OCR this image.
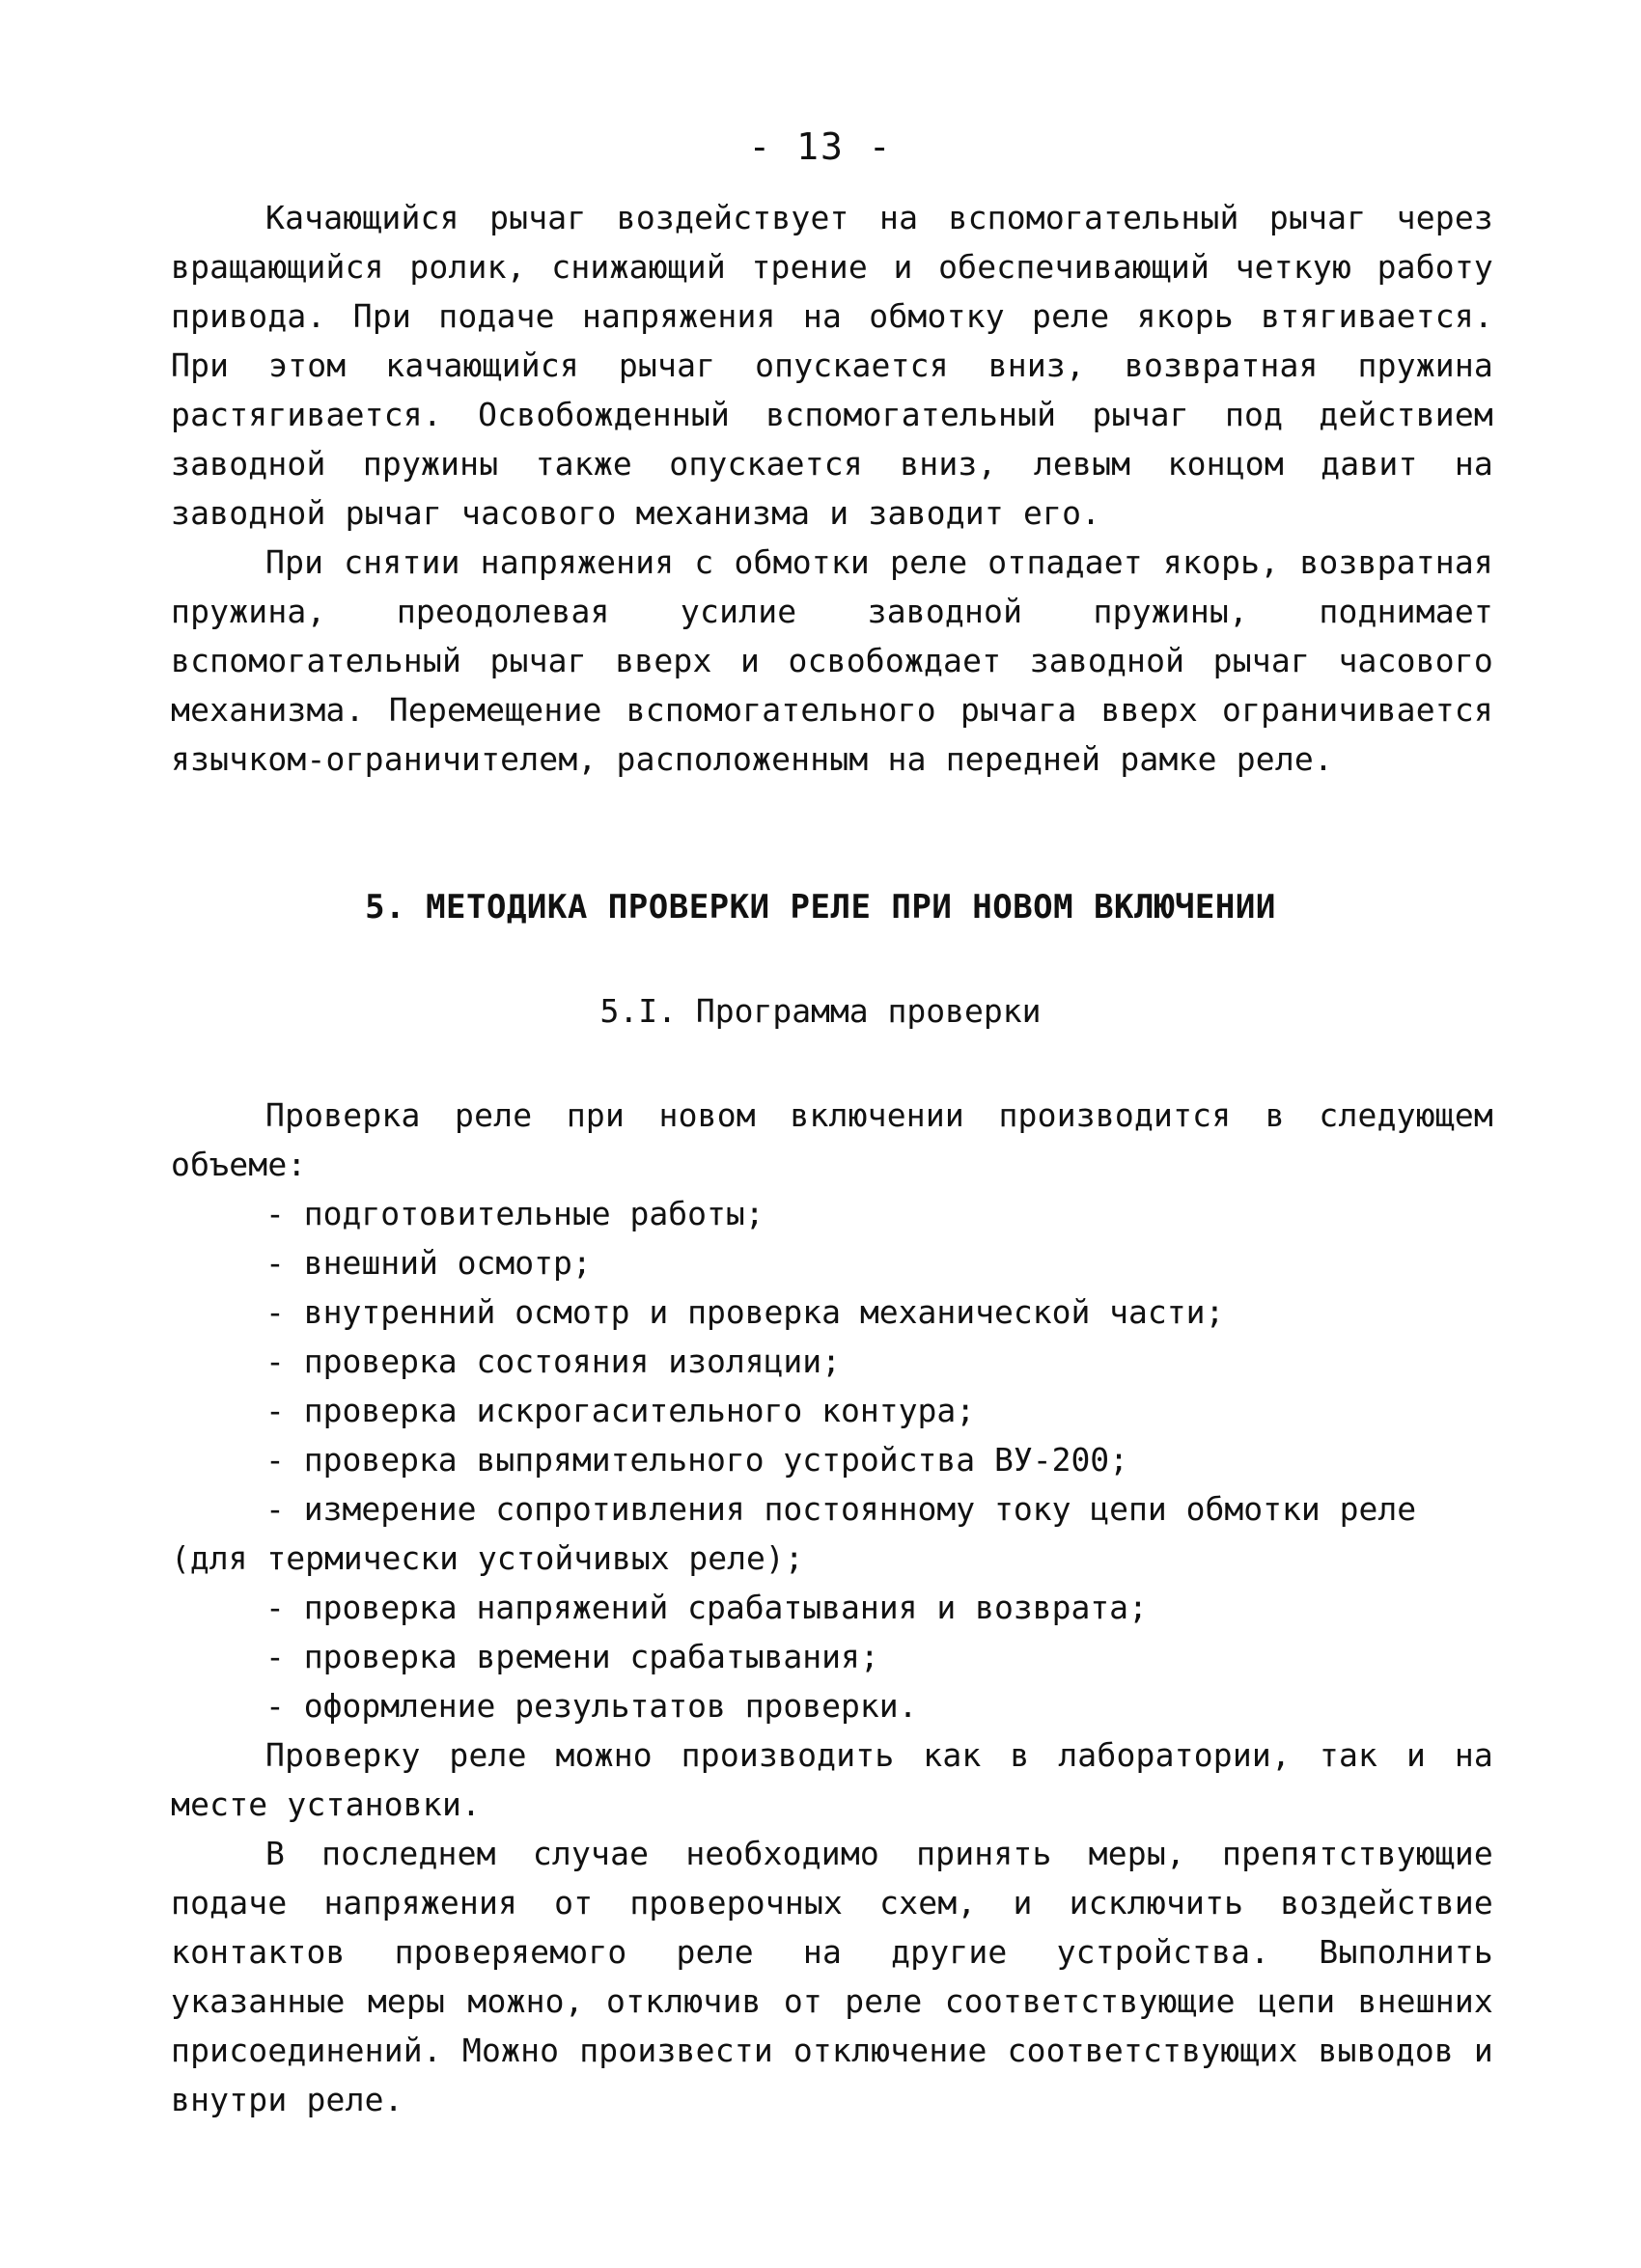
- 13 -

Качающийся рычаг воздействует на вспомогательный рычаг через вращающийся ролик, снижающий трение и обеспечивающий четкую работу привода. При подаче напряжения на обмотку реле якорь втягивается. При этом качающийся рычаг опускается вниз, возвратная пружина растягивается. Освобожденный вспомогательный рычаг под действием заводной пружины также опускается вниз, левым концом давит на заводной рычаг часового механизма и заводит его.

При снятии напряжения с обмотки реле отпадает якорь, возвратная пружина, преодолевая усилие заводной пружины, поднимает вспомогательный рычаг вверх и освобождает заводной рычаг часового механизма. Перемещение вспомогательного рычага вверх ограничивается язычком-ограничителем, расположенным на передней рамке реле.

5. МЕТОДИКА ПРОВЕРКИ РЕЛЕ ПРИ НОВОМ ВКЛЮЧЕНИИ
5.I. Программа проверки

Проверка реле при новом включении производится в следующем объеме:

- подготовительные работы;
- внешний осмотр;
- внутренний осмотр и проверка механической части;
- проверка состояния изоляции;
- проверка искрогасительного контура;
- проверка выпрямительного устройства ВУ-200;
- измерение сопротивления постоянному току цепи обмотки реле (для термически устойчивых реле);
- проверка напряжений срабатывания и возврата;
- проверка времени срабатывания;
- оформление результатов проверки.

Проверку реле можно производить как в лаборатории, так и на месте установки.

В последнем случае необходимо принять меры, препятствующие подаче напряжения от проверочных схем, и исключить воздействие контактов проверяемого реле на другие устройства. Выполнить указанные меры можно, отключив от реле соответствующие цепи внешних присоединений. Можно произвести отключение соответствующих выводов и внутри реле.
